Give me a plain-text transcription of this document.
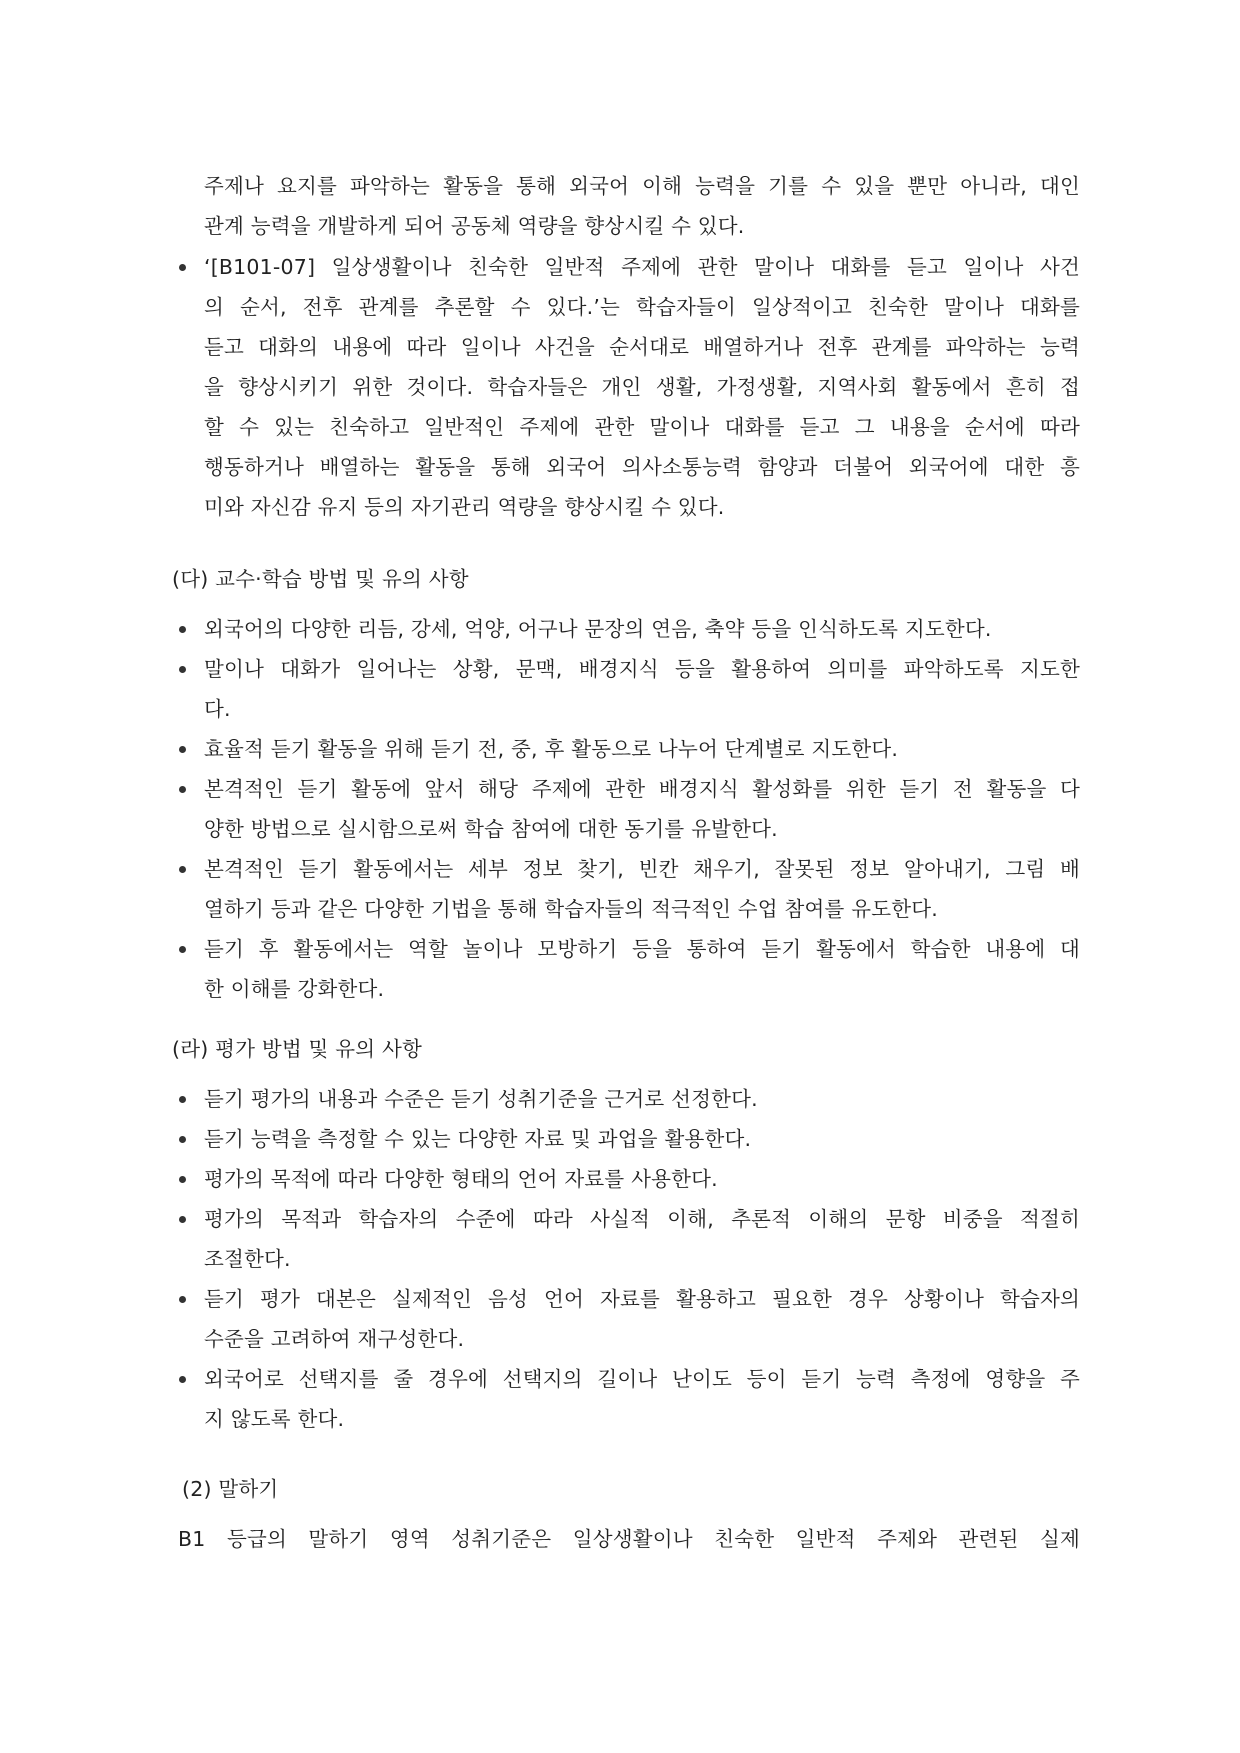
주제나 요지를 파악하는 활동을 통해 외국어 이해 능력을 기를 수 있을 뿐만 아니라, 대인
관계 능력을 개발하게 되어 공동체 역량을 향상시킬 수 있다.
‘[B101-07] 일상생활이나 친숙한 일반적 주제에 관한 말이나 대화를 듣고 일이나 사건
의 순서, 전후 관계를 추론할 수 있다.’는 학습자들이 일상적이고 친숙한 말이나 대화를
듣고 대화의 내용에 따라 일이나 사건을 순서대로 배열하거나 전후 관계를 파악하는 능력
을 향상시키기 위한 것이다. 학습자들은 개인 생활, 가정생활, 지역사회 활동에서 흔히 접
할 수 있는 친숙하고 일반적인 주제에 관한 말이나 대화를 듣고 그 내용을 순서에 따라
행동하거나 배열하는 활동을 통해 외국어 의사소통능력 함양과 더불어 외국어에 대한 흥
미와 자신감 유지 등의 자기관리 역량을 향상시킬 수 있다.
(다) 교수·학습 방법 및 유의 사항
외국어의 다양한 리듬, 강세, 억양, 어구나 문장의 연음, 축약 등을 인식하도록 지도한다.
말이나 대화가 일어나는 상황, 문맥, 배경지식 등을 활용하여 의미를 파악하도록 지도한
다.
효율적 듣기 활동을 위해 듣기 전, 중, 후 활동으로 나누어 단계별로 지도한다.
본격적인 듣기 활동에 앞서 해당 주제에 관한 배경지식 활성화를 위한 듣기 전 활동을 다
양한 방법으로 실시함으로써 학습 참여에 대한 동기를 유발한다.
본격적인 듣기 활동에서는 세부 정보 찾기, 빈칸 채우기, 잘못된 정보 알아내기, 그림 배
열하기 등과 같은 다양한 기법을 통해 학습자들의 적극적인 수업 참여를 유도한다.
듣기 후 활동에서는 역할 놀이나 모방하기 등을 통하여 듣기 활동에서 학습한 내용에 대
한 이해를 강화한다.
(라) 평가 방법 및 유의 사항
듣기 평가의 내용과 수준은 듣기 성취기준을 근거로 선정한다.
듣기 능력을 측정할 수 있는 다양한 자료 및 과업을 활용한다.
평가의 목적에 따라 다양한 형태의 언어 자료를 사용한다.
평가의 목적과 학습자의 수준에 따라 사실적 이해, 추론적 이해의 문항 비중을 적절히
조절한다.
듣기 평가 대본은 실제적인 음성 언어 자료를 활용하고 필요한 경우 상황이나 학습자의
수준을 고려하여 재구성한다.
외국어로 선택지를 줄 경우에 선택지의 길이나 난이도 등이 듣기 능력 측정에 영향을 주
지 않도록 한다.
(2) 말하기
B1 등급의 말하기 영역 성취기준은 일상생활이나 친숙한 일반적 주제와 관련된 실제
